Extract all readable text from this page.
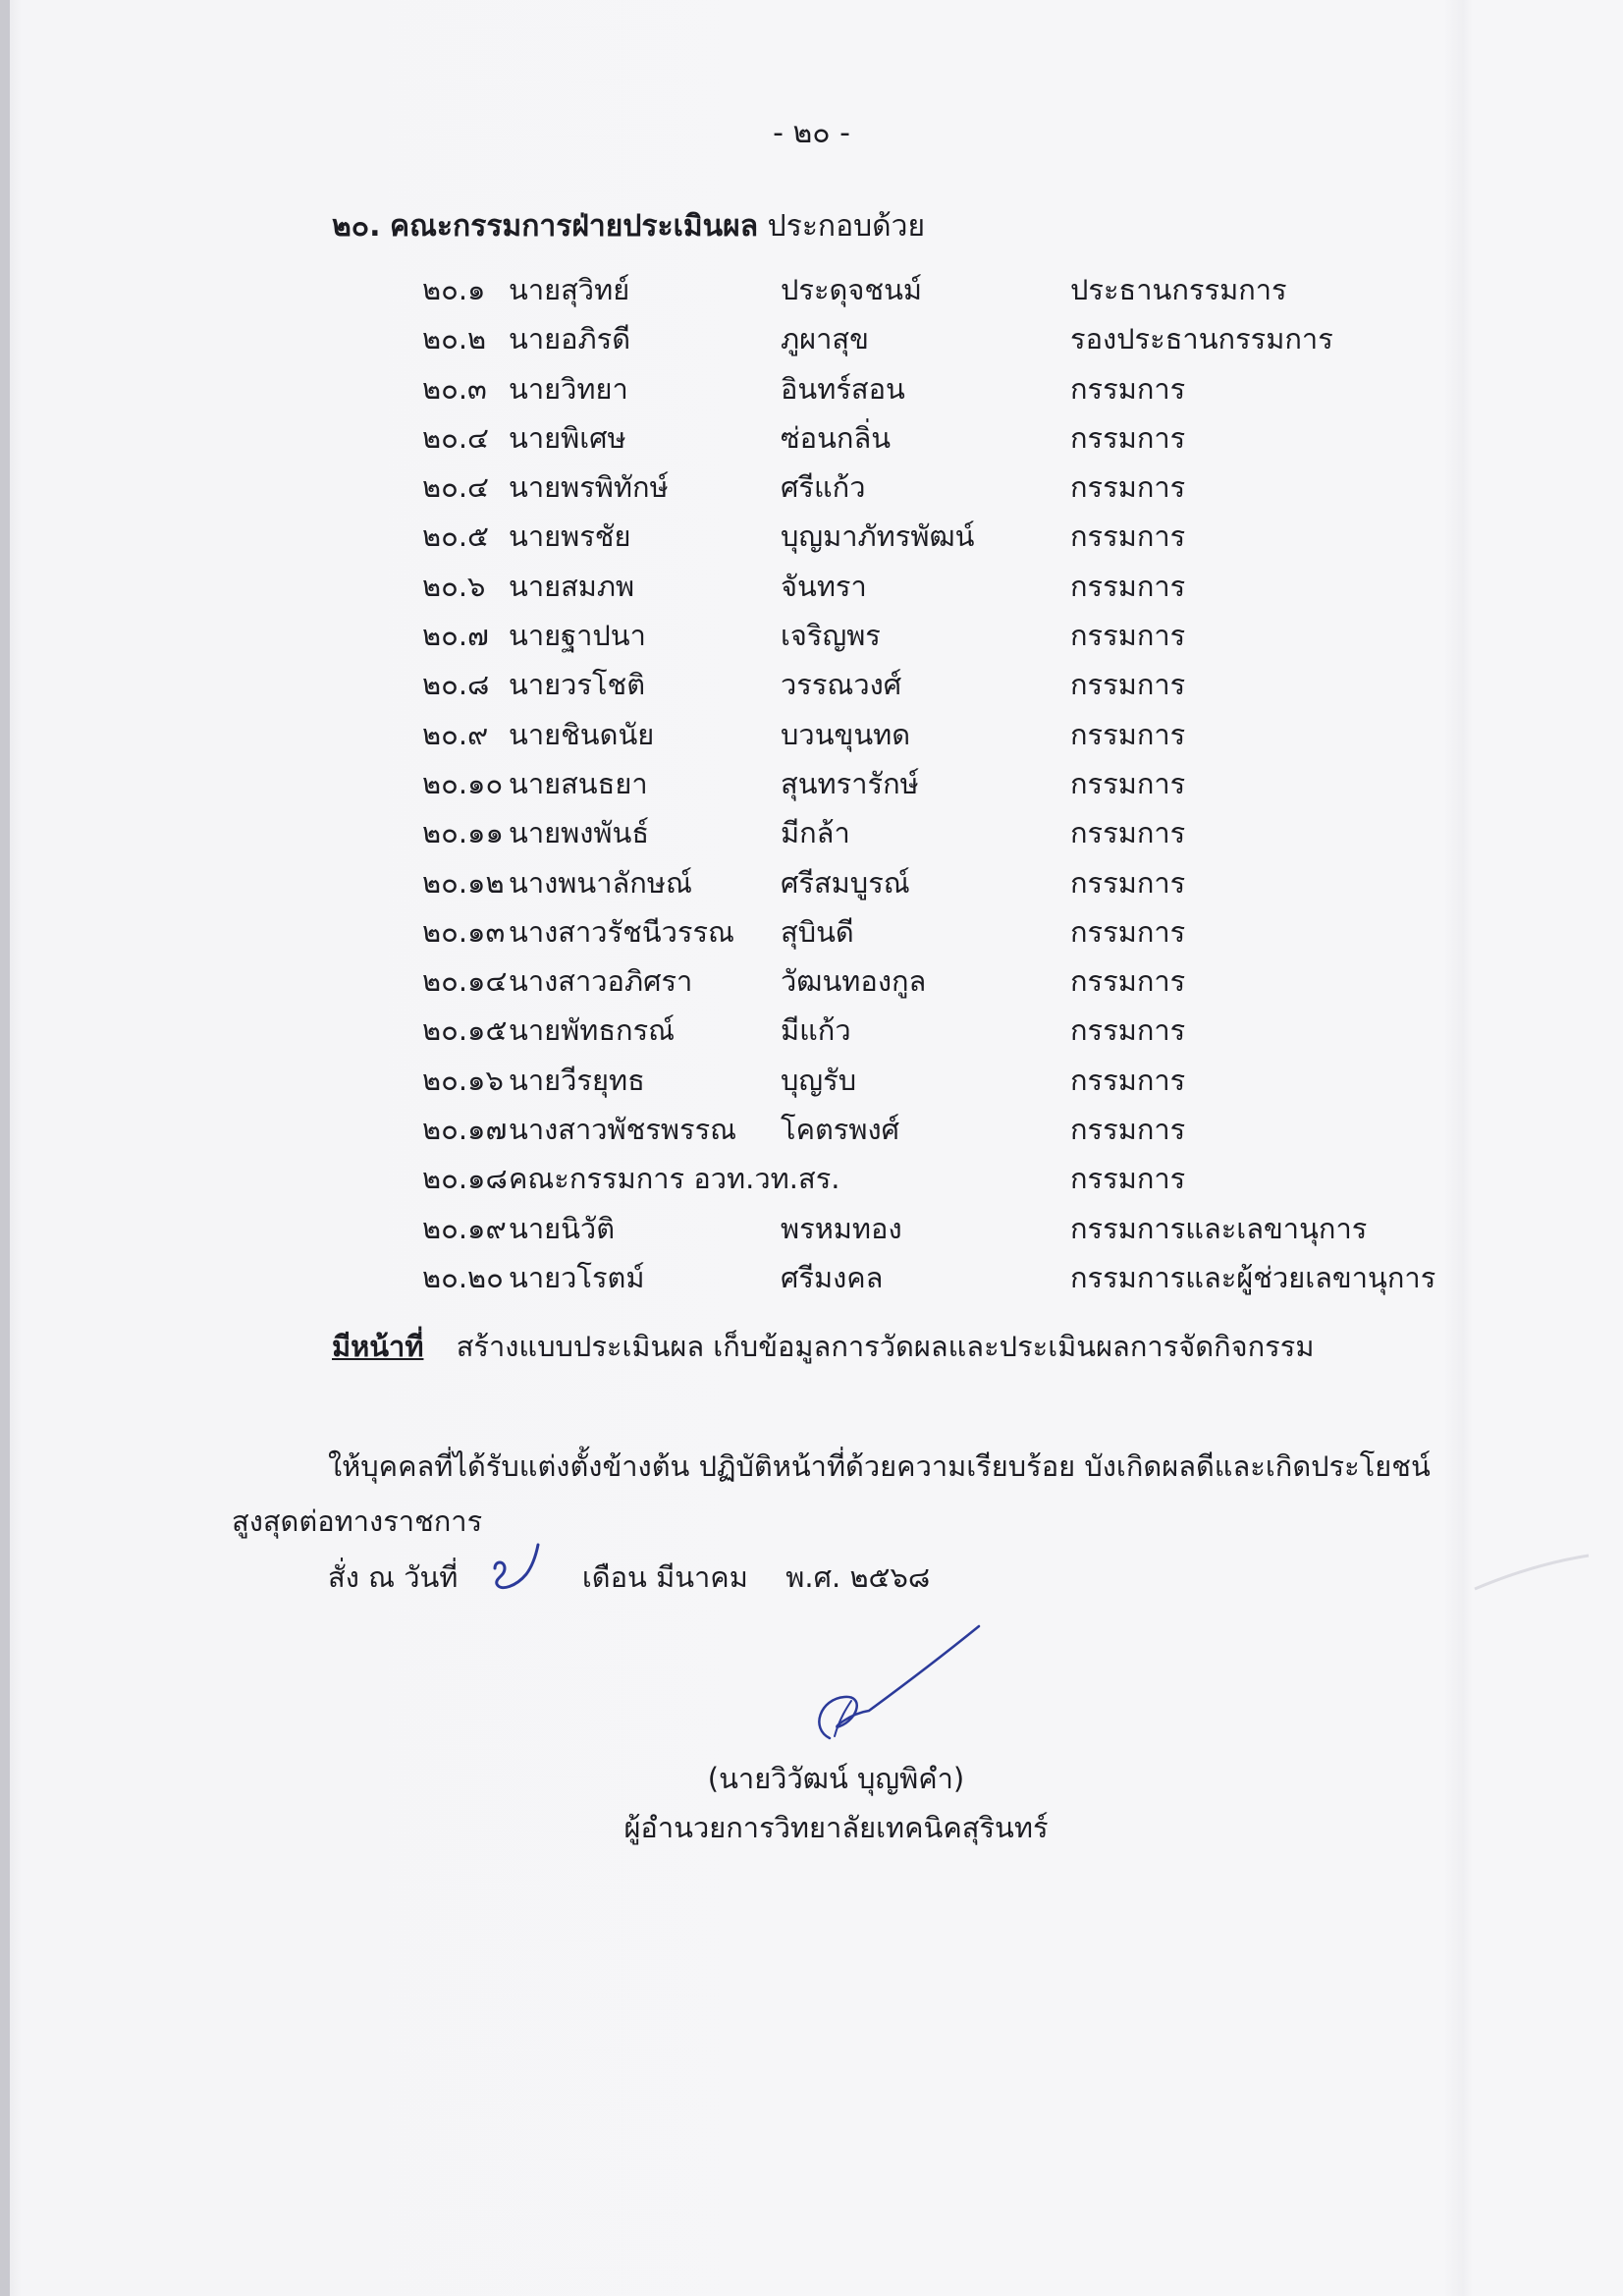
- ๒๐ -
๒๐. คณะกรรมการฝ่ายประเมินผล ประกอบด้วย
๒๐.๑ นายสุวิทย์	ประดุจชนม์	ประธานกรรมการ
๒๐.๒ นายอภิรดี	ภูผาสุข	รองประธานกรรมการ
๒๐.๓ นายวิทยา	อินทร์สอน	กรรมการ
๒๐.๔ นายพิเศษ	ซ่อนกลิ่น	กรรมการ
๒๐.๔ นายพรพิทักษ์	ศรีแก้ว	กรรมการ
๒๐.๕ นายพรชัย	บุญมาภัทรพัฒน์	กรรมการ
๒๐.๖ นายสมภพ	จันทรา	กรรมการ
๒๐.๗ นายฐาปนา	เจริญพร	กรรมการ
๒๐.๘ นายวรโชติ	วรรณวงศ์	กรรมการ
๒๐.๙ นายชินดนัย	บวนขุนทด	กรรมการ
๒๐.๑๐ นายสนธยา	สุนทรารักษ์	กรรมการ
๒๐.๑๑ นายพงพันธ์	มีกล้า	กรรมการ
๒๐.๑๒ นางพนาลักษณ์	ศรีสมบูรณ์	กรรมการ
๒๐.๑๓ นางสาวรัชนีวรรณ สุบินดี	กรรมการ
๒๐.๑๔ นางสาวอภิศรา	วัฒนทองกูล	กรรมการ
๒๐.๑๕ นายพัทธกรณ์	มีแก้ว	กรรมการ
๒๐.๑๖ นายวีรยุทธ	บุญรับ	กรรมการ
๒๐.๑๗ นางสาวพัชรพรรณ โคตรพงศ์	กรรมการ
๒๐.๑๘ คณะกรรมการ อวท.วท.สร.	กรรมการ
๒๐.๑๙ นายนิวัติ	พรหมทอง	กรรมการและเลขานุการ
๒๐.๒๐ นายวโรตม์	ศรีมงคล	กรรมการและผู้ช่วยเลขานุการ
มีหน้าที่ สร้างแบบประเมินผล เก็บข้อมูลการวัดผลและประเมินผลการจัดกิจกรรม
ให้บุคคลที่ได้รับแต่งตั้งข้างต้น ปฏิบัติหน้าที่ด้วยความเรียบร้อย บังเกิดผลดีและเกิดประโยชน์สูงสุดต่อทางราชการ
สั่ง ณ วันที่	เดือน มีนาคม พ.ศ. ๒๕๖๘
๔
(นายวิวัฒน์ บุญพิคำ)
ผู้อำนวยการวิทยาลัยเทคนิคสุรินทร์
